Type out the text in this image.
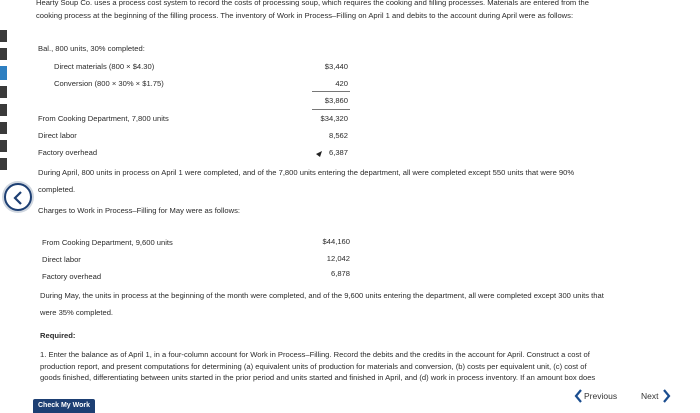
Hearty Soup Co. uses a process cost system to record the costs of processing soup, which requires the cooking and filling processes. Materials are entered from the
cooking process at the beginning of the filling process. The inventory of Work in Process–Filling on April 1 and debits to the account during April were as follows:
Bal., 800 units, 30% completed:
Direct materials (800 × $4.30)	$3,440
Conversion (800 × 30% × $1.75)	420
$3,860
From Cooking Department, 7,800 units	$34,320
Direct labor	8,562
Factory overhead	6,387
During April, 800 units in process on April 1 were completed, and of the 7,800 units entering the department, all were completed except 550 units that were 90%
completed.
Charges to Work in Process–Filling for May were as follows:
From Cooking Department, 9,600 units	$44,160
Direct labor	12,042
Factory overhead	6,878
During May, the units in process at the beginning of the month were completed, and of the 9,600 units entering the department, all were completed except 300 units that
were 35% completed.
Required:
1. Enter the balance as of April 1, in a four-column account for Work in Process–Filling. Record the debits and the credits in the account for April. Construct a cost of
production report, and present computations for determining (a) equivalent units of production for materials and conversion, (b) costs per equivalent unit, (c) cost of
goods finished, differentiating between units started in the prior period and units started and finished in April, and (d) work in process inventory. If an amount box does
Check My Work
Previous	Next
